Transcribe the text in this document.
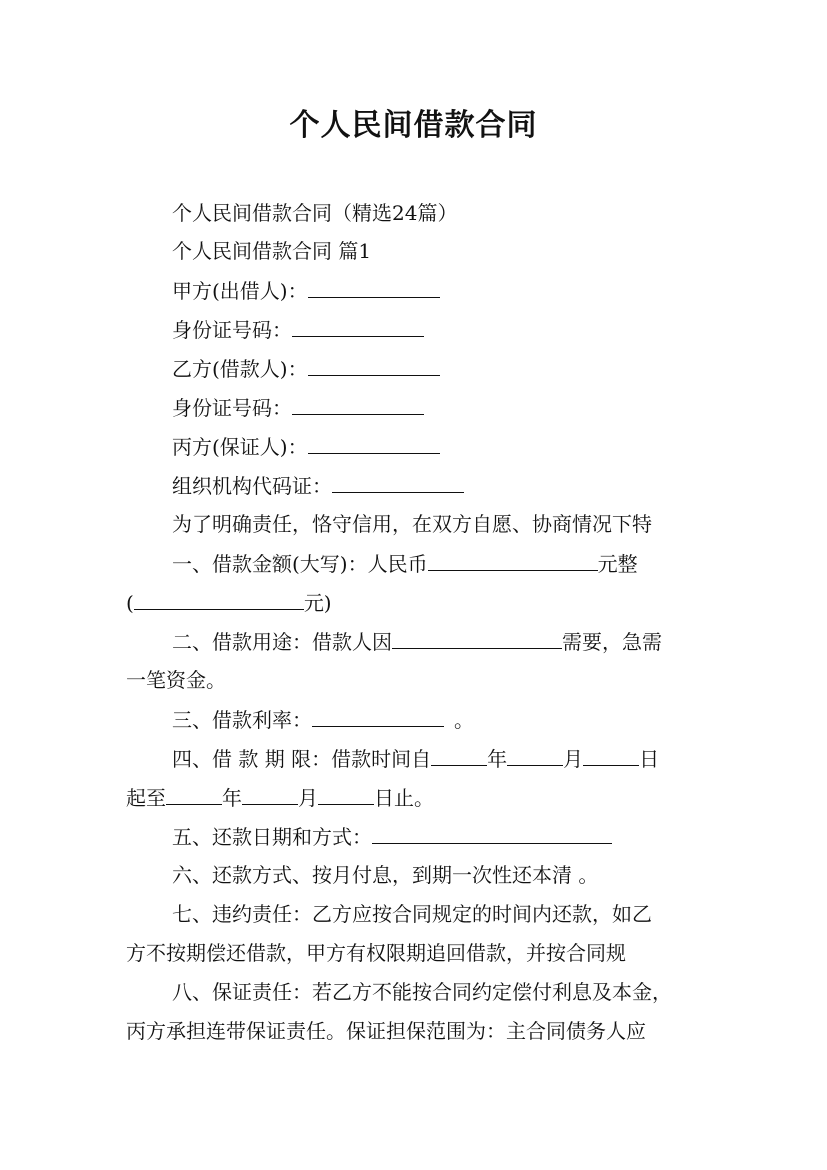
个人民间借款合同
个人民间借款合同（精选24篇）
个人民间借款合同 篇1
甲方(出借人)：
身份证号码：
乙方(借款人)：
身份证号码：
丙方(保证人)：
组织机构代码证：
为了明确责任，恪守信用，在双方自愿、协商情况下特
一、借款金额(大写)：人民币	元整
(	元)
二、借款用途：借款人因	需要，急需
一笔资金。
三、借款利率：	。
四、借 款 期 限：借款时间自	年	月	日
起至	年	月	日止。
五、还款日期和方式：
六、还款方式、按月付息，到期一次性还本清 。
七、违约责任：乙方应按合同规定的时间内还款，如乙
方不按期偿还借款，甲方有权限期追回借款，并按合同规
八、保证责任：若乙方不能按合同约定偿付利息及本金，
丙方承担连带保证责任。保证担保范围为：主合同债务人应
